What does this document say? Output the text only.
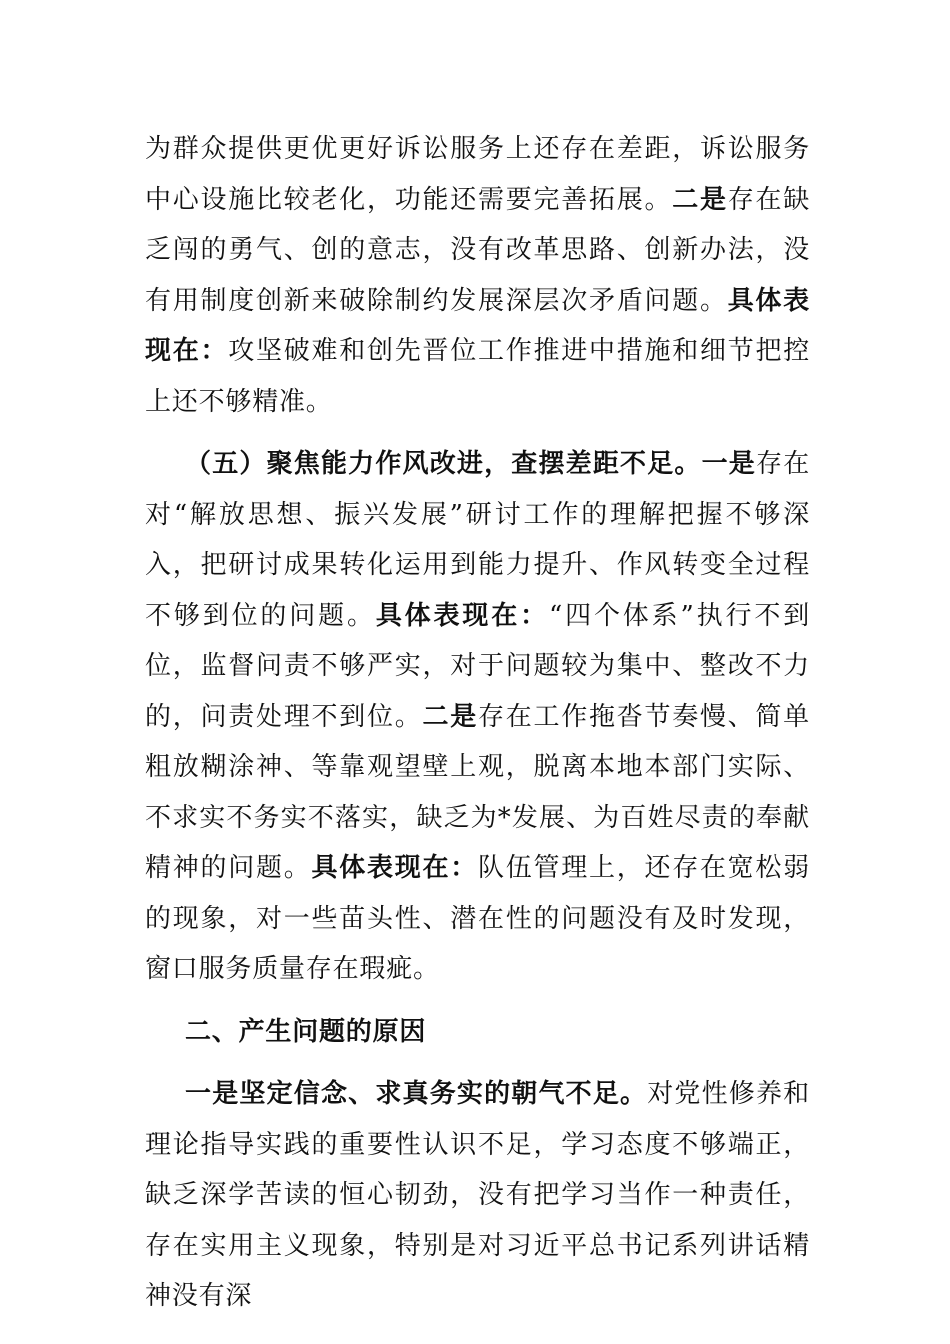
为群众提供更优更好诉讼服务上还存在差距，诉讼服务中心设施比较老化，功能还需要完善拓展。二是存在缺乏闯的勇气、创的意志，没有改革思路、创新办法，没有用制度创新来破除制约发展深层次矛盾问题。具体表现在：攻坚破难和创先晋位工作推进中措施和细节把控上还不够精准。

（五）聚焦能力作风改进，查摆差距不足。一是存在对“解放思想、振兴发展”研讨工作的理解把握不够深入，把研讨成果转化运用到能力提升、作风转变全过程不够到位的问题。具体表现在：“四个体系”执行不到位，监督问责不够严实，对于问题较为集中、整改不力的，问责处理不到位。二是存在工作拖沓节奏慢、简单粗放糊涂神、等靠观望壁上观，脱离本地本部门实际、不求实不务实不落实，缺乏为*发展、为百姓尽责的奉献精神的问题。具体表现在：队伍管理上，还存在宽松弱的现象，对一些苗头性、潜在性的问题没有及时发现，窗口服务质量存在瑕疵。

二、产生问题的原因

一是坚定信念、求真务实的朝气不足。对党性修养和理论指导实践的重要性认识不足，学习态度不够端正，缺乏深学苦读的恒心韧劲，没有把学习当作一种责任，存在实用主义现象，特别是对习近平总书记系列讲话精神没有深
